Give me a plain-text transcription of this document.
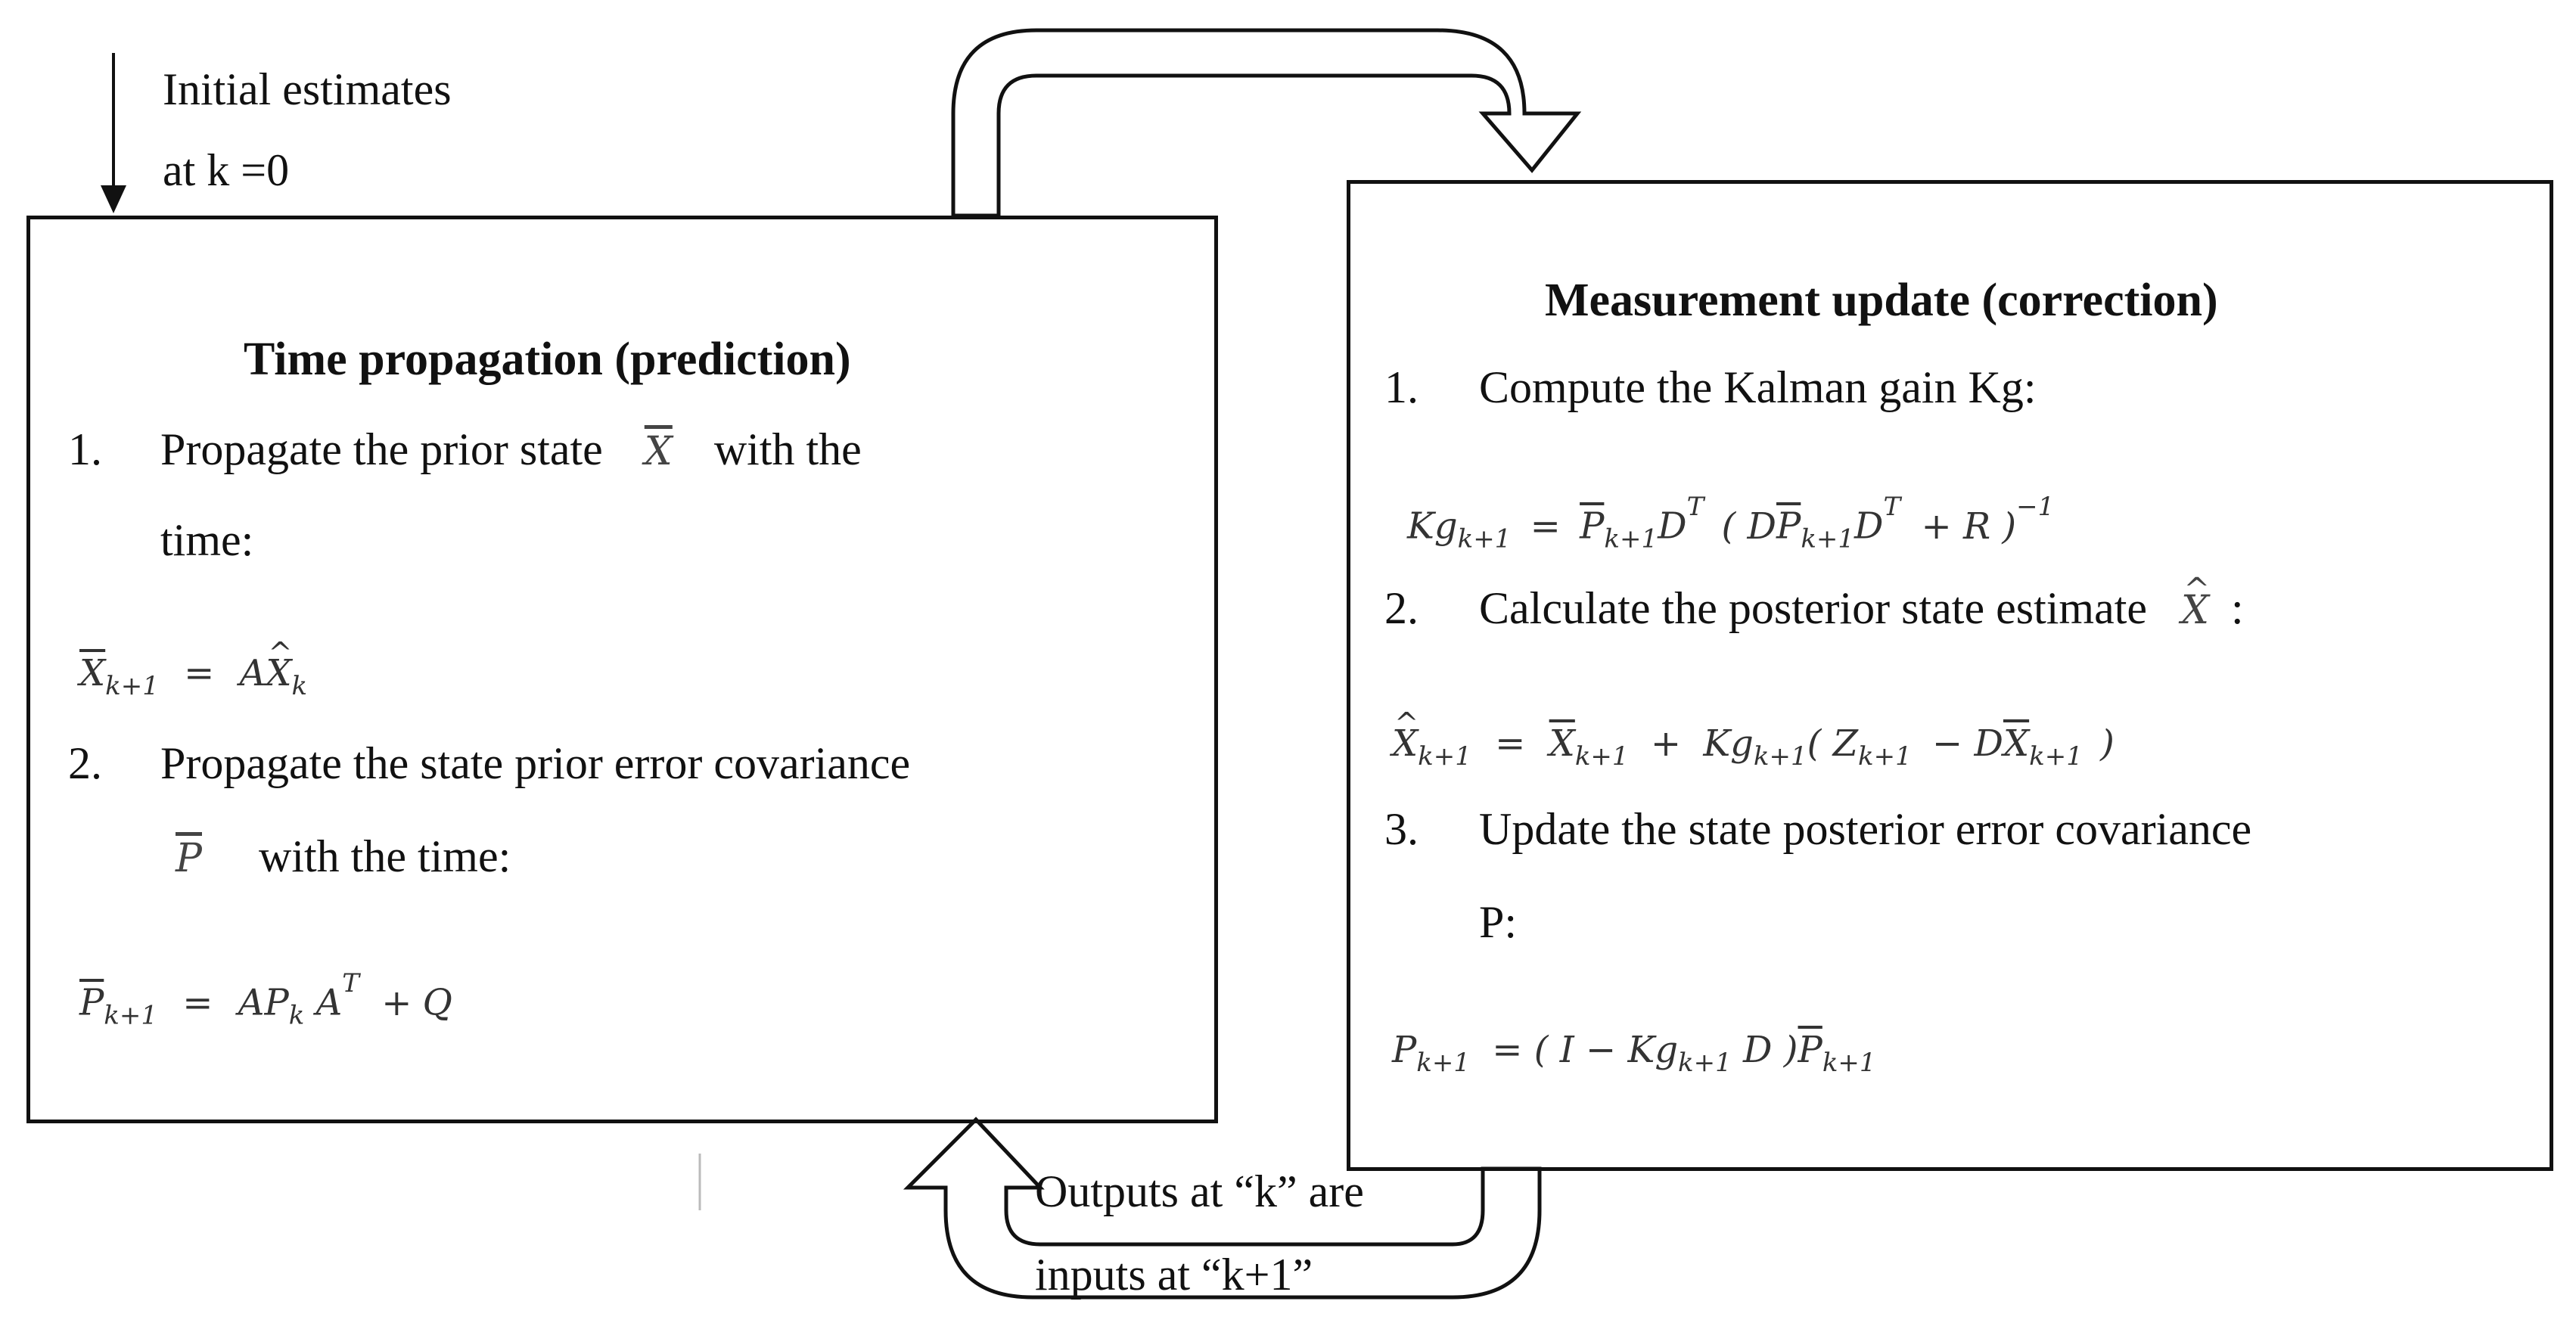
Initial estimates
at k =0
Time propagation (prediction)
1. Propagate the prior state $\overline{X}$ with the
time:
$\overline{X}_{k+1}$ = A^ $X_k$
2. Propagate the state prior error covariance
$\overline{P}$ with the time:
$\overline{P}_{k+1} = AP_k$ $A^T + Q$
Measurement update (correction)
1. Compute the Kalman gain Kg:
$Kg_{k+1} = \overline{P}_{k+1}D^T$ ( $D\overline{P}_{k+1}D^T + R$ )$^{-1}$
2. Calculate the posterior state estimate ^ X :
^ $X_{k+1} = \overline{X}_{k+1} + Kg_{k+1}$( $Z_{k+1} - D\overline{X}_{k+1}$ )
3. Update the state posterior error covariance
P:
$P_{k+1}$ = ( $I - Kg_{k+1}$ D )$\overline{P}_{k+1}$
Outputs at “k” are
inputs at “k+1”
